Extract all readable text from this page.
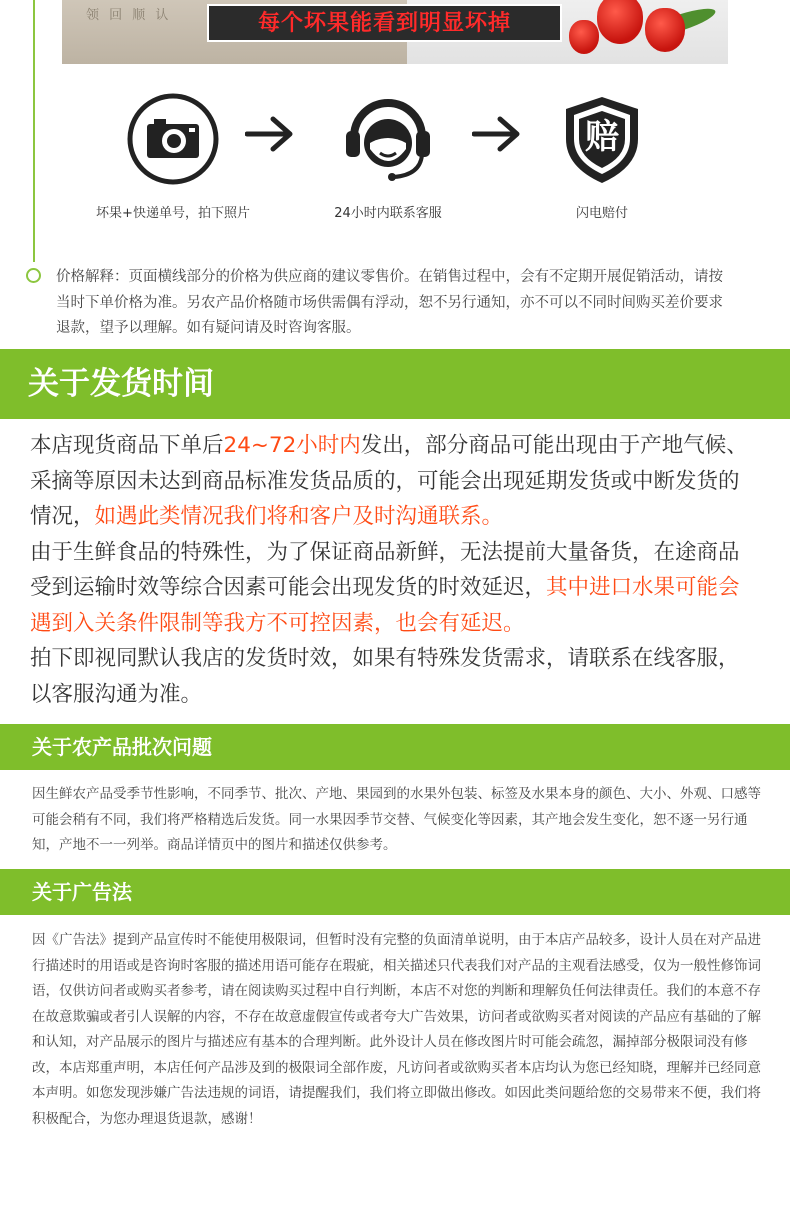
领 回 顺 认	每个坏果能看到明显坏掉
坏果+快递单号，拍下照片	24小时内联系客服
赔
闪电赔付

价格解释：页面横线部分的价格为供应商的建议零售价。在销售过程中，会有不定期开展促销活动，请按当时下单价格为准。另农产品价格随市场供需偶有浮动，恕不另行通知，亦不可以不同时间购买差价要求退款，望予以理解。如有疑问请及时咨询客服。

关于发货时间
本店现货商品下单后24~72小时内发出，部分商品可能出现由于产地气候、采摘等原因未达到商品标准发货品质的，可能会出现延期发货或中断发货的情况，如遇此类情况我们将和客户及时沟通联系。
由于生鲜食品的特殊性，为了保证商品新鲜，无法提前大量备货，在途商品受到运输时效等综合因素可能会出现发货的时效延迟，其中进口水果可能会遇到入关条件限制等我方不可控因素，也会有延迟。
拍下即视同默认我店的发货时效，如果有特殊发货需求，请联系在线客服，以客服沟通为准。
关于农产品批次问题

因生鲜农产品受季节性影响，不同季节、批次、产地、果园到的水果外包装、标签及水果本身的颜色、大小、外观、口感等可能会稍有不同，我们将严格精选后发货。同一水果因季节交替、气候变化等因素，其产地会发生变化，恕不逐一另行通知，产地不一一列举。商品详情页中的图片和描述仅供参考。

关于广告法

因《广告法》提到产品宣传时不能使用极限词，但暂时没有完整的负面清单说明，由于本店产品较多，设计人员在对产品进行描述时的用语或是咨询时客服的描述用语可能存在瑕疵，相关描述只代表我们对产品的主观看法感受，仅为一般性修饰词语，仅供访问者或购买者参考，请在阅读购买过程中自行判断，本店不对您的判断和理解负任何法律责任。我们的本意不存在故意欺骗或者引人误解的内容，不存在故意虚假宣传或者夸大广告效果，访问者或欲购买者对阅读的产品应有基础的了解和认知，对产品展示的图片与描述应有基本的合理判断。此外设计人员在修改图片时可能会疏忽，漏掉部分极限词没有修改，本店郑重声明，本店任何产品涉及到的极限词全部作废，凡访问者或欲购买者本店均认为您已经知晓，理解并已经同意本声明。如您发现涉嫌广告法违规的词语，请提醒我们，我们将立即做出修改。如因此类问题给您的交易带来不便，我们将积极配合，为您办理退货退款，感谢！
